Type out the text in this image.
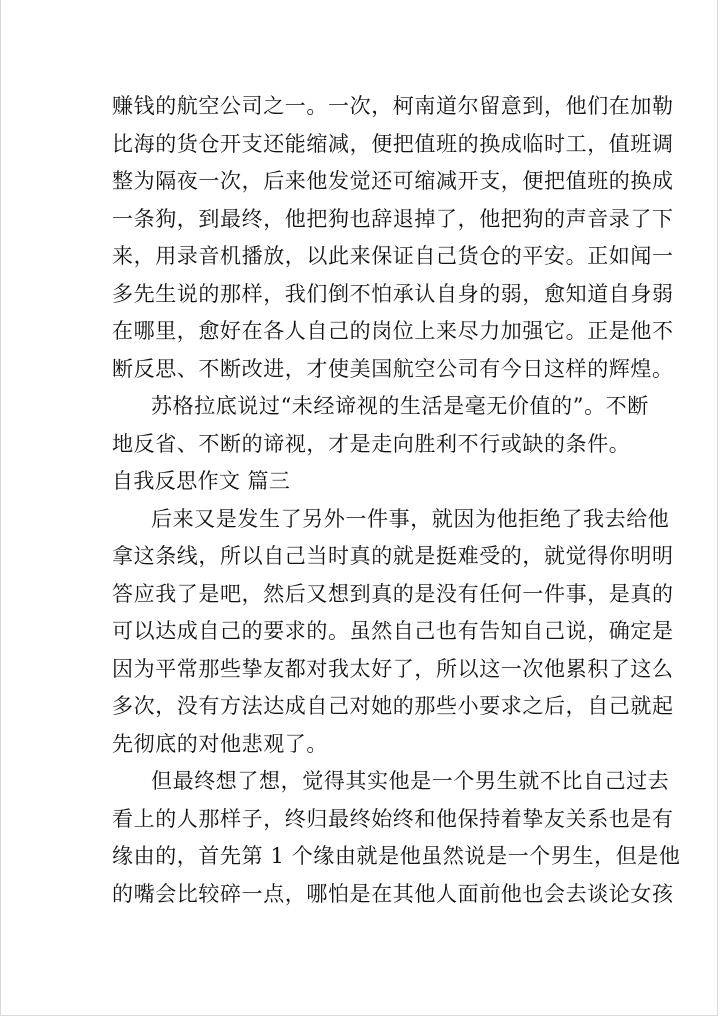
赚钱的航空公司之一。一次，柯南道尔留意到，他们在加勒
比海的货仓开支还能缩减，便把值班的换成临时工，值班调
整为隔夜一次，后来他发觉还可缩减开支，便把值班的换成
一条狗，到最终，他把狗也辞退掉了，他把狗的声音录了下
来，用录音机播放，以此来保证自己货仓的平安。正如闻一
多先生说的那样，我们倒不怕承认自身的弱，愈知道自身弱
在哪里，愈好在各人自己的岗位上来尽力加强它。正是他不
断反思、不断改进，才使美国航空公司有今日这样的辉煌。
苏格拉底说过“未经谛视的生活是毫无价值的”。不断
地反省、不断的谛视，才是走向胜利不行或缺的条件。
自我反思作文 篇三
后来又是发生了另外一件事，就因为他拒绝了我去给他
拿这条线，所以自己当时真的就是挺难受的，就觉得你明明
答应我了是吧，然后又想到真的是没有任何一件事，是真的
可以达成自己的要求的。虽然自己也有告知自己说，确定是
因为平常那些挚友都对我太好了，所以这一次他累积了这么
多次，没有方法达成自己对她的那些小要求之后，自己就起
先彻底的对他悲观了。
但最终想了想，觉得其实他是一个男生就不比自己过去
看上的人那样子，终归最终始终和他保持着挚友关系也是有
缘由的，首先第 1 个缘由就是他虽然说是一个男生，但是他
的嘴会比较碎一点，哪怕是在其他人面前他也会去谈论女孩
